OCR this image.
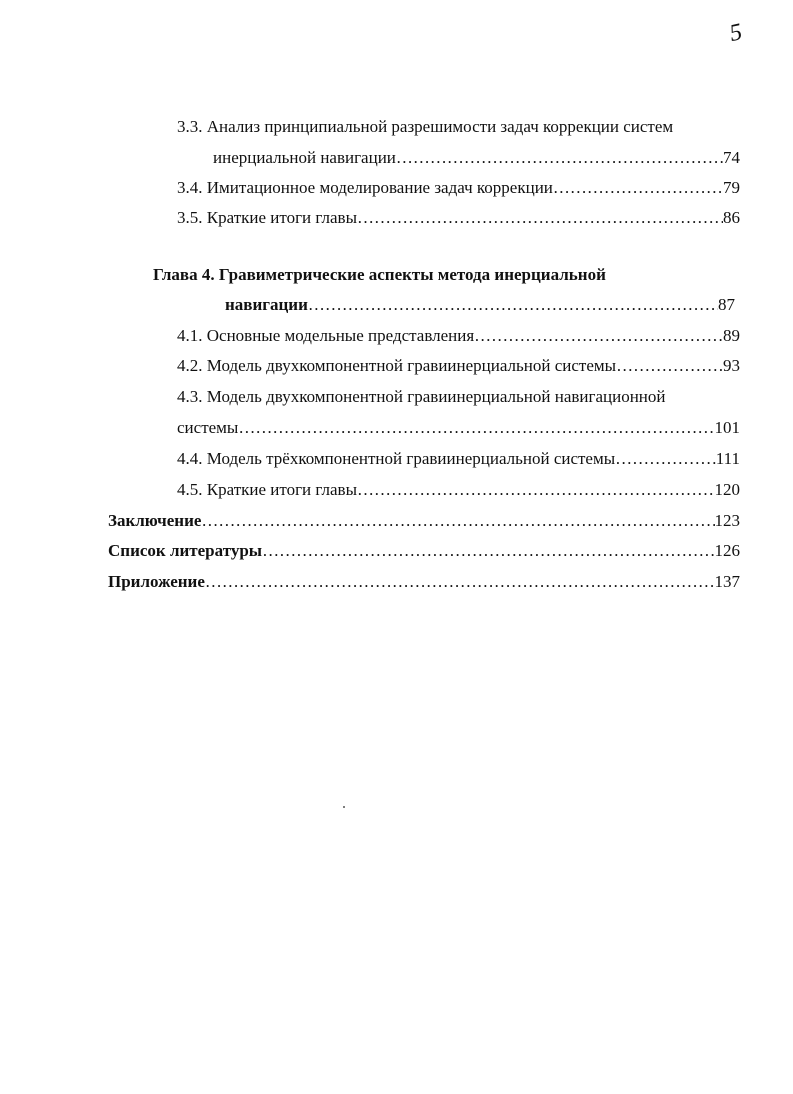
5
3.3. Анализ принципиальной разрешимости задач коррекции систем
инерциальной навигации ……………………………………………………………………………………………………………………………………………………………………………………………	74
3.4. Имитационное моделирование задач коррекции ……………………………………………………………………………………………………………………………………………………………………………………………	79
3.5. Краткие итоги главы ……………………………………………………………………………………………………………………………………………………………………………………………	86
Глава 4. Гравиметрические аспекты метода инерциальной
навигации ……………………………………………………………………………………………………………………………………………………………………………………………	87
4.1. Основные модельные представления ……………………………………………………………………………………………………………………………………………………………………………………………	89
4.2. Модель двухкомпонентной гравиинерциальной системы ……………………………………………………………………………………………………………………………………………………………………………………………	93
4.3. Модель двухкомпонентной гравиинерциальной навигационной
системы ……………………………………………………………………………………………………………………………………………………………………………………………	101
4.4. Модель трёхкомпонентной гравиинерциальной системы ……………………………………………………………………………………………………………………………………………………………………………………………	111
4.5. Краткие итоги главы ……………………………………………………………………………………………………………………………………………………………………………………………	120
Заключение ……………………………………………………………………………………………………………………………………………………………………………………………	123
Список литературы ……………………………………………………………………………………………………………………………………………………………………………………………	126
Приложение ……………………………………………………………………………………………………………………………………………………………………………………………	137
